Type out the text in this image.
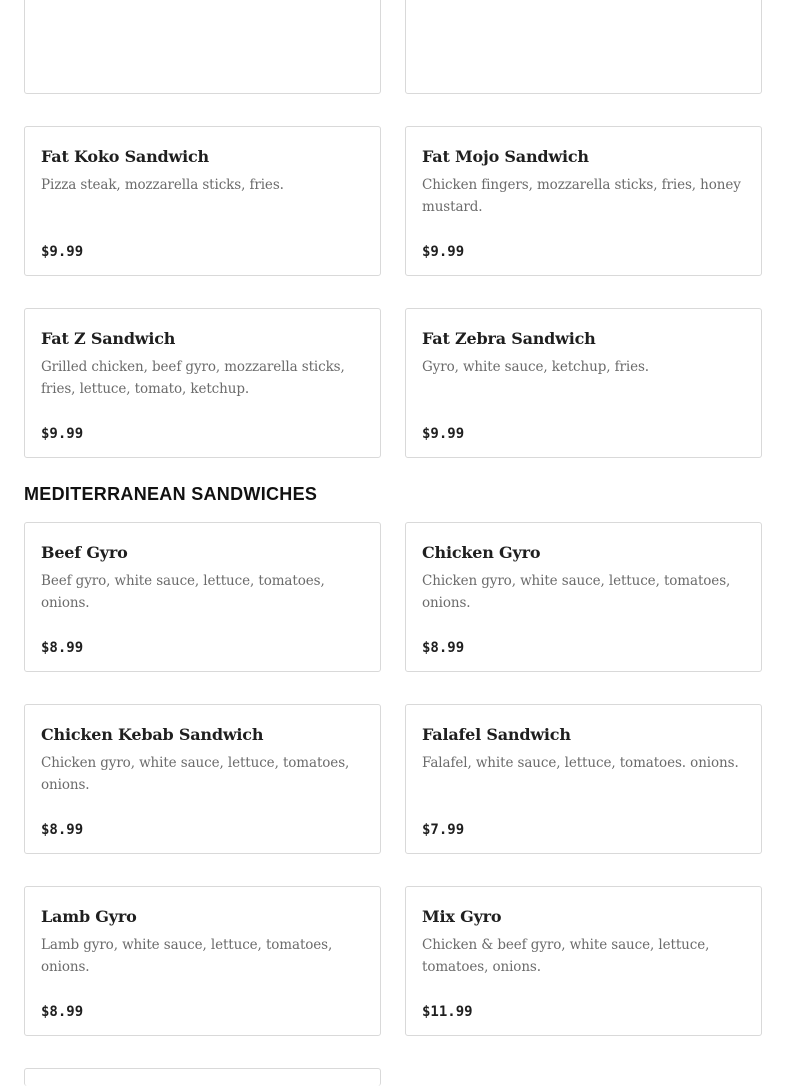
Fat Koko Sandwich
Pizza steak, mozzarella sticks, fries.
$9.99
Fat Mojo Sandwich
Chicken fingers, mozzarella sticks, fries, honey mustard.
$9.99
Fat Z Sandwich
Grilled chicken, beef gyro, mozzarella sticks, fries, lettuce, tomato, ketchup.
$9.99
Fat Zebra Sandwich
Gyro, white sauce, ketchup, fries.
$9.99
MEDITERRANEAN SANDWICHES
Beef Gyro
Beef gyro, white sauce, lettuce, tomatoes, onions.
$8.99
Chicken Gyro
Chicken gyro, white sauce, lettuce, tomatoes, onions.
$8.99
Chicken Kebab Sandwich
Chicken gyro, white sauce, lettuce, tomatoes, onions.
$8.99
Falafel Sandwich
Falafel, white sauce, lettuce, tomatoes. onions.
$7.99
Lamb Gyro
Lamb gyro, white sauce, lettuce, tomatoes, onions.
$8.99
Mix Gyro
Chicken & beef gyro, white sauce, lettuce, tomatoes, onions.
$11.99
